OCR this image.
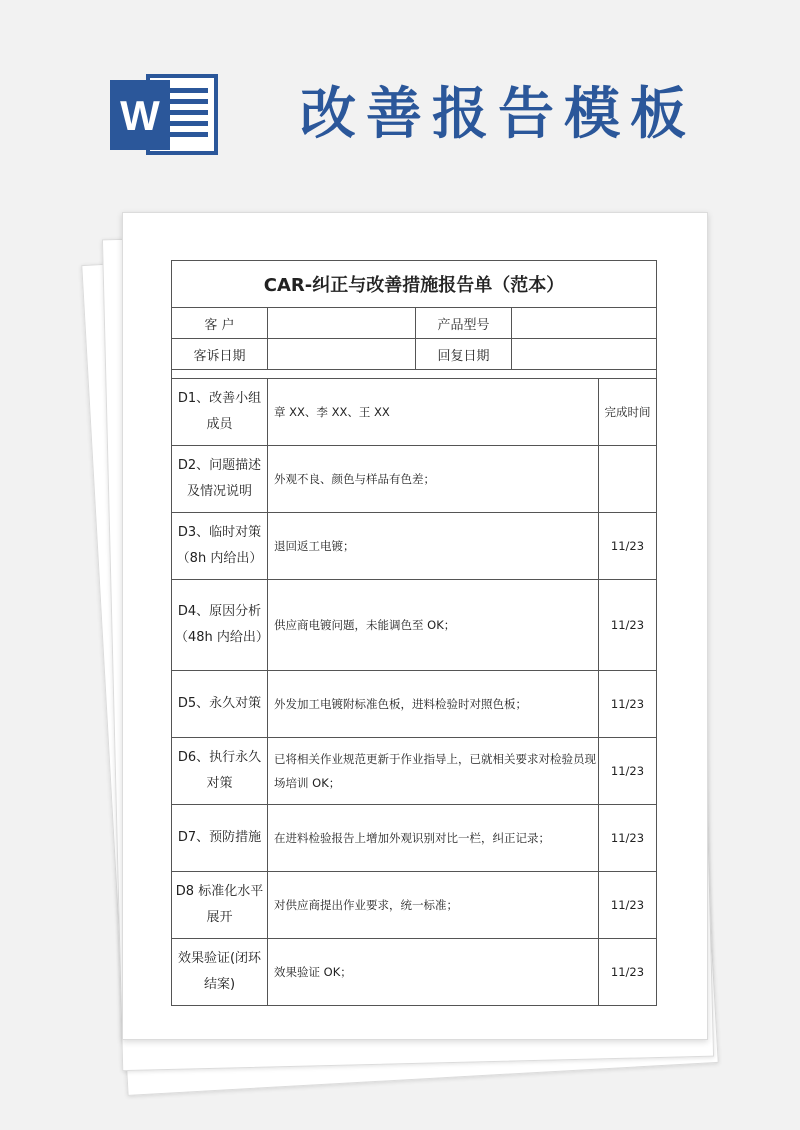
W	改善报告模板
CAR-纠正与改善措施报告单（范本）				
客 户		产品型号		
客诉日期		回复日期		

D1、改善小组成员	章 XX、李 XX、王 XX			完成时间
D2、问题描述及情况说明	外观不良、颜色与样品有色差；			
D3、临时对策（8h 内给出）	退回返工电镀；			11/23
D4、原因分析（48h 内给出）	供应商电镀问题，未能调色至 OK；			11/23
D5、永久对策	外发加工电镀附标准色板，进料检验时对照色板；			11/23
D6、执行永久对策	已将相关作业规范更新于作业指导上，已就相关要求对检验员现场培训 OK；			11/23
D7、预防措施	在进料检验报告上增加外观识别对比一栏，纠正记录；			11/23
D8 标准化水平展开	对供应商提出作业要求，统一标准；			11/23
效果验证(闭环结案)	效果验证 OK；			11/23
